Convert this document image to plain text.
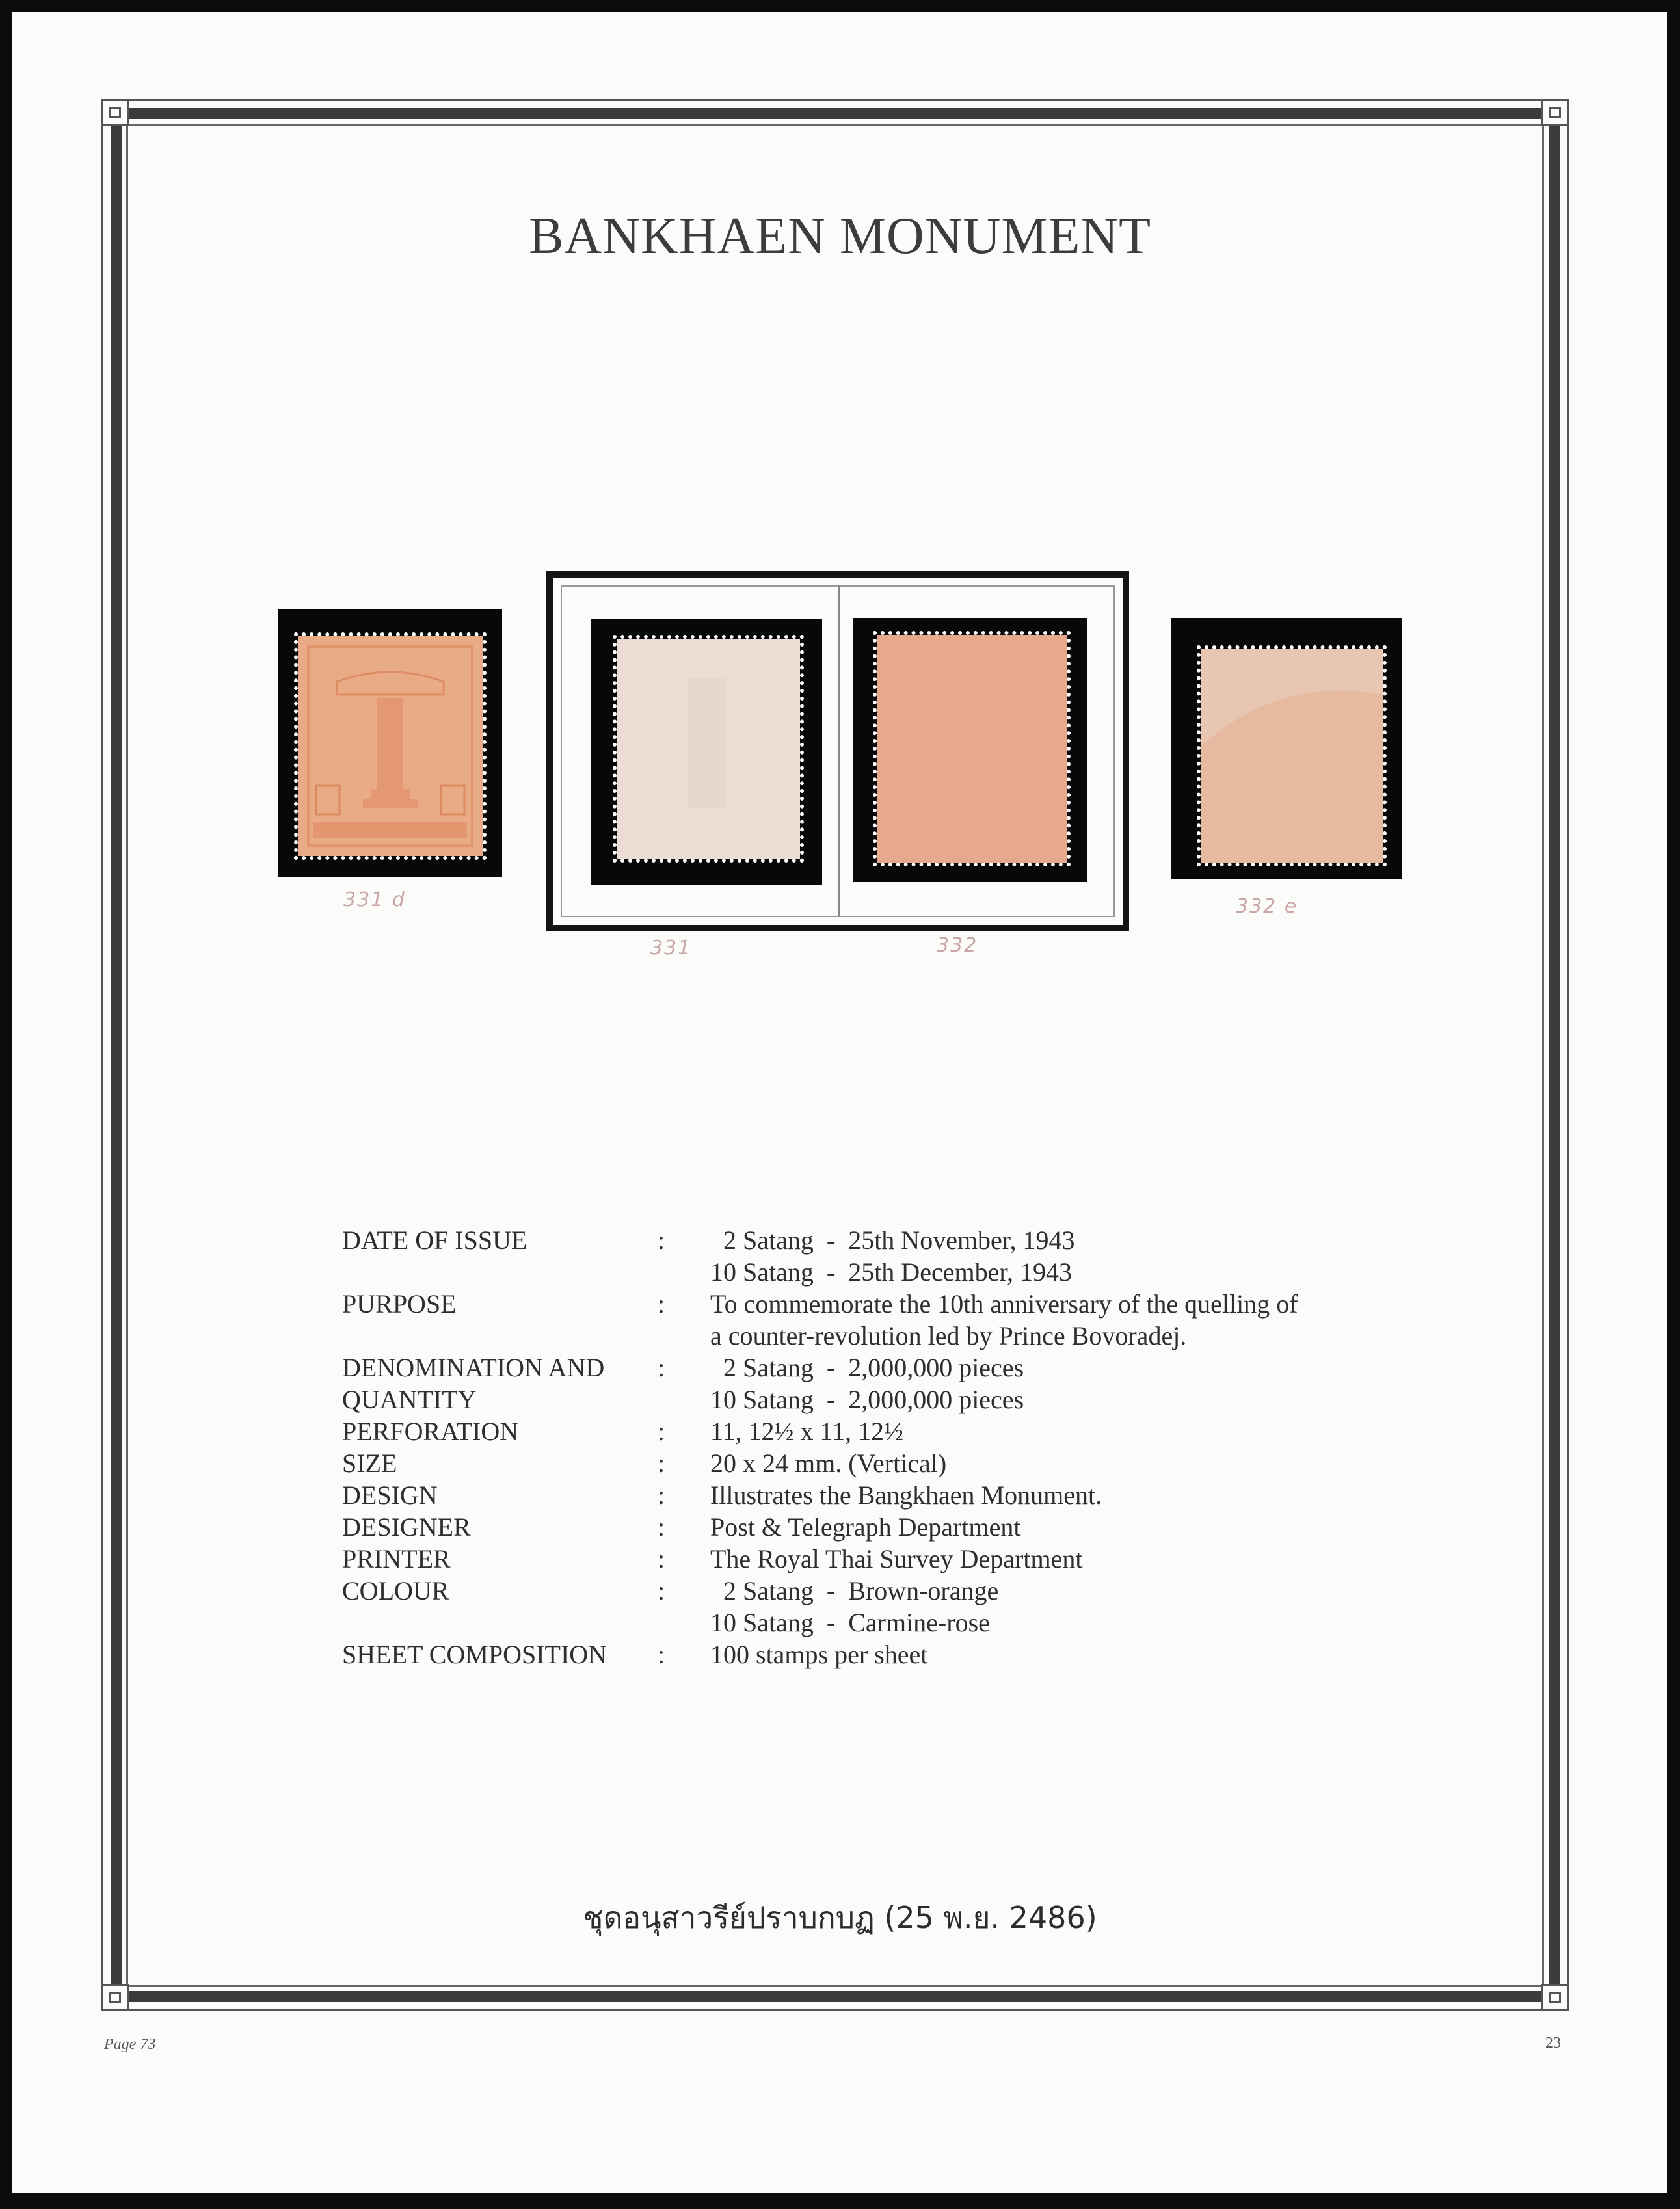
BANKHAEN MONUMENT
331 d
331	332
332 e
DATE OF ISSUE	: 2 Satang  -  25th November, 1943
10 Satang  -  25th December, 1943
PURPOSE	: To commemorate the 10th anniversary of the quelling of
a counter-revolution led by Prince Bovoradej.
DENOMINATION AND : 2 Satang  -  2,000,000 pieces
QUANTITY	10 Satang  -  2,000,000 pieces
PERFORATION	: 11, 12½ x 11, 12½
SIZE	: 20 x 24 mm. (Vertical)
DESIGN	: Illustrates the Bangkhaen Monument.
DESIGNER	: Post & Telegraph Department
PRINTER	: The Royal Thai Survey Department
COLOUR	: 2 Satang  -  Brown-orange
10 Satang  -  Carmine-rose
SHEET COMPOSITION : 100 stamps per sheet
ชุดอนุสาวรีย์ปราบกบฏ (25 พ.ย. 2486)
Page 73	23
